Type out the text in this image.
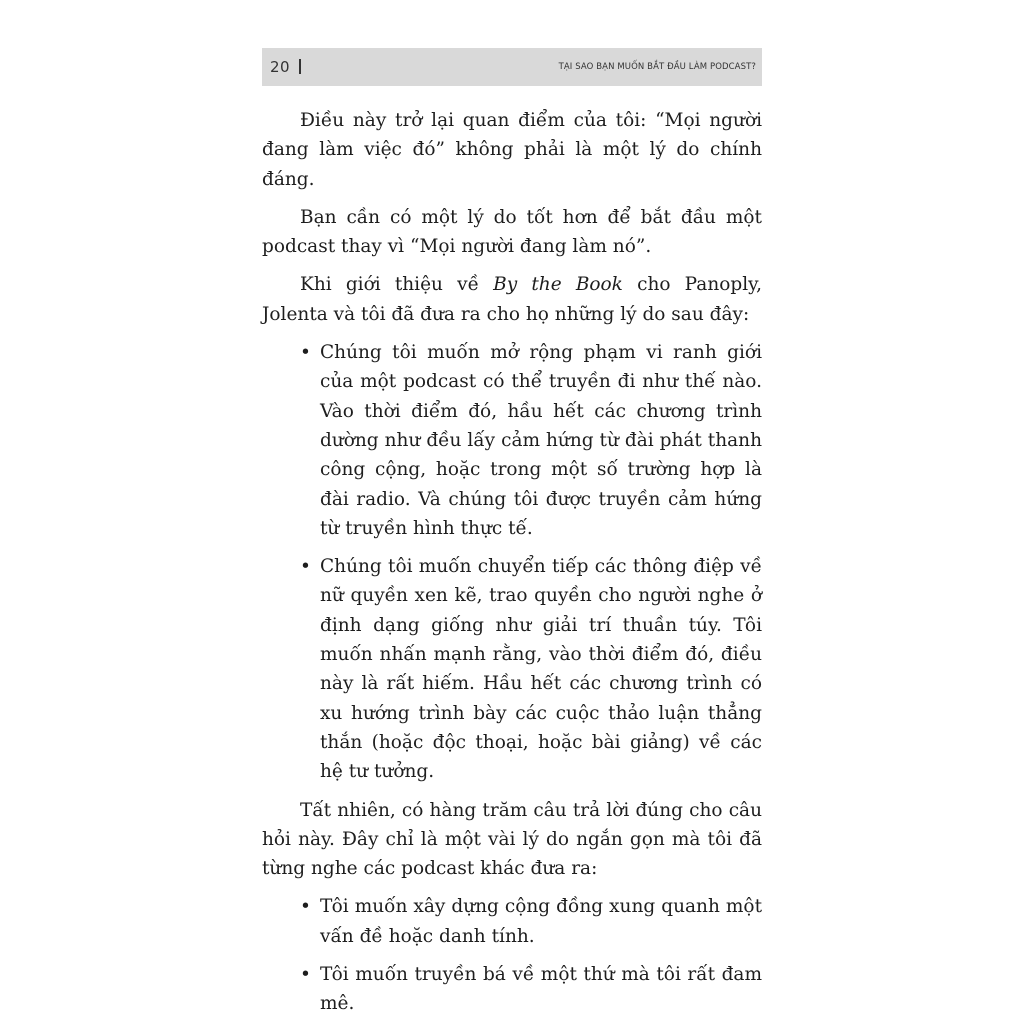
20	TẠI SAO BẠN MUỐN BẮT ĐẦU LÀM PODCAST?

Điều này trở lại quan điểm của tôi: “Mọi người đang làm việc đó” không phải là một lý do chính đáng.

Bạn cần có một lý do tốt hơn để bắt đầu một podcast thay vì “Mọi người đang làm nó”.

Khi giới thiệu về By the Book cho Panoply, Jolenta và tôi đã đưa ra cho họ những lý do sau đây:

• Chúng tôi muốn mở rộng phạm vi ranh giới của một podcast có thể truyền đi như thế nào. Vào thời điểm đó, hầu hết các chương trình dường như đều lấy cảm hứng từ đài phát thanh công cộng, hoặc trong một số trường hợp là đài radio. Và chúng tôi được truyền cảm hứng từ truyền hình thực tế.
• Chúng tôi muốn chuyển tiếp các thông điệp về nữ quyền xen kẽ, trao quyền cho người nghe ở định dạng giống như giải trí thuần túy. Tôi muốn nhấn mạnh rằng, vào thời điểm đó, điều này là rất hiếm. Hầu hết các chương trình có xu hướng trình bày các cuộc thảo luận thẳng thắn (hoặc độc thoại, hoặc bài giảng) về các hệ tư tưởng.

Tất nhiên, có hàng trăm câu trả lời đúng cho câu hỏi này. Đây chỉ là một vài lý do ngắn gọn mà tôi đã từng nghe các podcast khác đưa ra:

• Tôi muốn xây dựng cộng đồng xung quanh một vấn đề hoặc danh tính.
• Tôi muốn truyền bá về một thứ mà tôi rất đam mê.
